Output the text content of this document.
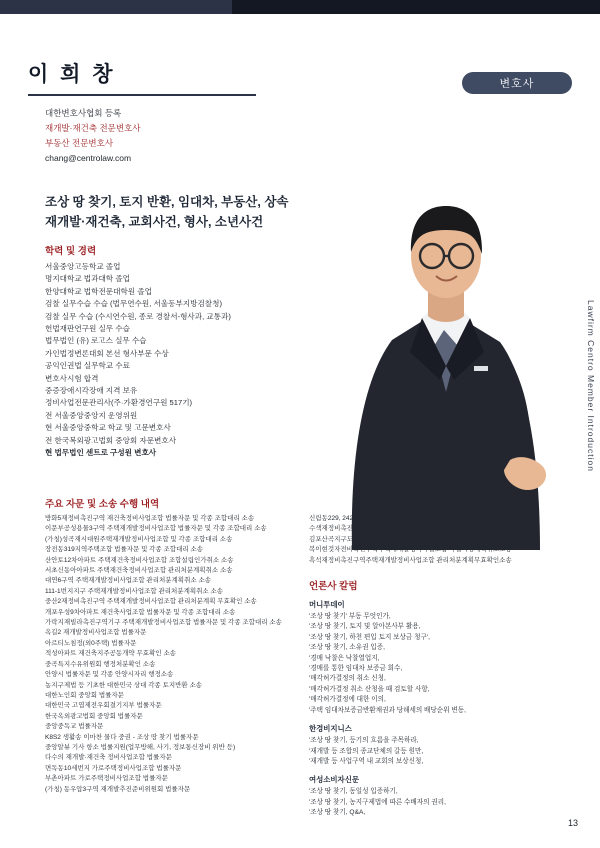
이 희 창	변호사
대한변호사협회 등록
재개발·재건축 전문변호사
부동산 전문변호사
chang@centrolaw.com
조상 땅 찾기, 토지 반환, 임대차, 부동산, 상속
재개발·재건축, 교회사건, 형사, 소년사건
학력 및 경력
서울중앙고등학교 졸업
명지대학교 법과대학 졸업
한양대학교 법학전문대학원 졸업
검찰 실무수습 수습 (법무연수원, 서울동부지방검찰청)
검찰 실무 수습 (수시연수원, 종로 경찰서-형사과, 교통과)
헌법재판연구원 실무 수습
법무법인 (유) 로고스 실무 수습
가인법정변론대회 본선 형사부문 수상
공익인권법 실무학교 수료
변호사시험 합격
중증장애시각장애 지격 보유
정비사업전문관리사(주·가환경연구원 517기)
전 서울중앙중앙지 운영위원
현 서울중앙중학교 학교 및 고문변호사
전 한국복외광고법회 중앙회 자문변호사
현 법무법인 센트로 구성원 변호사	Lawfirm Centro Member Introduction
주요 자문 및 소송 수행 내역
방화5재정비촉진구역 재건축정비사업조합 법률자문 및 각종 조합대리 소송
이문부공성용물3구역 주택재개발정비사업조합 법률자문 및 각종 조합대리 소송
(가칭)성곡재시대원주택재개발정비사업조합 및 각종 조합대리 소송
장전동319지역주택조합 법률자문 및 각종 조합대리 소송
산안토12차아파트 주택재건축정비사업조합 조합설립인가취소 소송
서초신동아아파트 주택재건축정비사업조합 관리처분계획취소 소송
대연6구역 주택재개발정비사업조합 관리처분계획취소 소송
111-1번지지구 주택재개발정비사업조합 관리처분계획취소 소송
중산2재정비촉진구역 주택재개발정비사업조합 관리처분계획 무효확인 소송
개포우성9차아파트 재건축사업조합 법률자문 및 각종 조합대리 소송
가락지재빌라촉진구역기구 주택재개발정비사업조합 법률자문 및 각종 조합대리 소송
옥길2 재개발정비사업조합 법률자문
아르티노침정(외0주택) 법률자문
적성아파트 재건축지주공동개약 무효확인 소송
중곡특지수유위원회 행정처분확인 소송
안양시 법률자문 및 각종 안양시자리 행정소송
농지구제법 등 기초한 대한민국 상대 각종 토지반환 소송
대한노인회 중앙회 법률자문
대한민국 고엽제전우회결기지부 법률자문
한국옥외광고법회 중앙회 법률자문
중앙중독교 법률자문
K8S2 생활송 이마찬 물다 중권 - 조상 땅 찾기 법률자문
중앙알뷰 기사 항소 법률지원(업무방해, 사기, 정보통신장비 위반 등)
다수의 재개발·재건축 정비사업조합 법률자문
면독동10세번지 가로주택정비사업조합 법률자문
부촌아파트 가로주택정비사업조합 법률자문
(가칭) 동우압3구역 재개발추진준비위원회 법률자문
신림동229, 242번지길원 재개발추진준비위원회 법률자문
수색재정비촉진구역주택재개발정비사업조합 법률자문
김포산곡지구도시사업시업조합 수용 보상업무
복이현것자전비촉진구역주택재개발정비사업조합 사업시행계획취소소송
흑석재정비촉진구역주택재개발정비사업조합 관리처분계획무효확인소송
언론사 칼럼
머니투데이
'조상 땅 찾기' 부동 무엇인가,
'조상 땅 찾기, 토지 및 알아본사부 활용,
'조상 땅 찾기, 하천 편입 토지 보상금 청구',
'조상 땅 찾기, 소유권 입증,
'경매 낙찰은 낙찰열업지,
'경매를 통한 임대차 보증금 회수,
'매각허가결정의 취소 신청,
'매각허가결정 취소 산청을 때 검토할 사항,
'매각허가결정에 대한 이의,
'주택 임대차보증금반환채권과 당해세의 배당순위 변동,
한경비지니스
'조상 땅 찾기, 등기의 흐름을 주목하라,
'재개발 등 조합의 종교단체의 갈등 원만,
'재개발 등 사업구역 내 교회의 보상신청,
여성소비자신문
'조상 땅 찾기, 동일성 입증하기,
'조상 땅 찾기, 농지구제법에 따른 수배자의 권리,
'조상 땅 찾기, Q&A,
13
